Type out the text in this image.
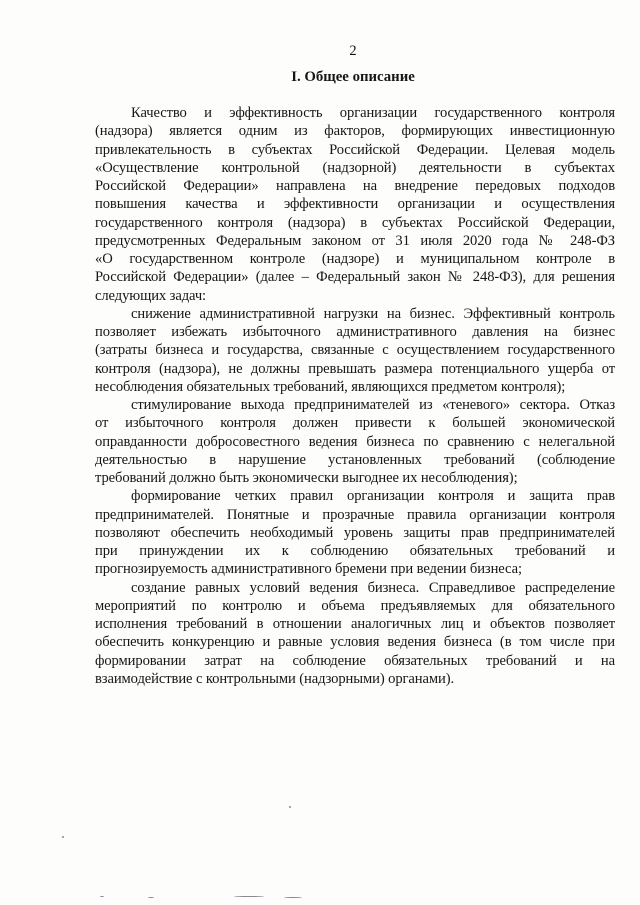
2
I. Общее описание

Качество и эффективность организации государственного контроля
(надзора) является одним из факторов, формирующих инвестиционную
привлекательность в субъектах Российской Федерации. Целевая модель
«Осуществление контрольной (надзорной) деятельности в субъектах
Российской Федерации» направлена на внедрение передовых подходов
повышения качества и эффективности организации и осуществления
государственного контроля (надзора) в субъектах Российской Федерации,
предусмотренных Федеральным законом от 31 июля 2020 года № 248-ФЗ
«О государственном контроле (надзоре) и муниципальном контроле в
Российской Федерации» (далее – Федеральный закон № 248-ФЗ), для решения
следующих задач:

снижение административной нагрузки на бизнес. Эффективный контроль
позволяет избежать избыточного административного давления на бизнес
(затраты бизнеса и государства, связанные с осуществлением государственного
контроля (надзора), не должны превышать размера потенциального ущерба от
несоблюдения обязательных требований, являющихся предметом контроля);

стимулирование выхода предпринимателей из «теневого» сектора. Отказ
от избыточного контроля должен привести к большей экономической
оправданности добросовестного ведения бизнеса по сравнению с нелегальной
деятельностью в нарушение установленных требований (соблюдение
требований должно быть экономически выгоднее их несоблюдения);

формирование четких правил организации контроля и защита прав
предпринимателей. Понятные и прозрачные правила организации контроля
позволяют обеспечить необходимый уровень защиты прав предпринимателей
при принуждении их к соблюдению обязательных требований и
прогнозируемость административного бремени при ведении бизнеса;

создание равных условий ведения бизнеса. Справедливое распределение
мероприятий по контролю и объема предъявляемых для обязательного
исполнения требований в отношении аналогичных лиц и объектов позволяет
обеспечить конкуренцию и равные условия ведения бизнеса (в том числе при
формировании затрат на соблюдение обязательных требований и на
взаимодействие с контрольными (надзорными) органами).
